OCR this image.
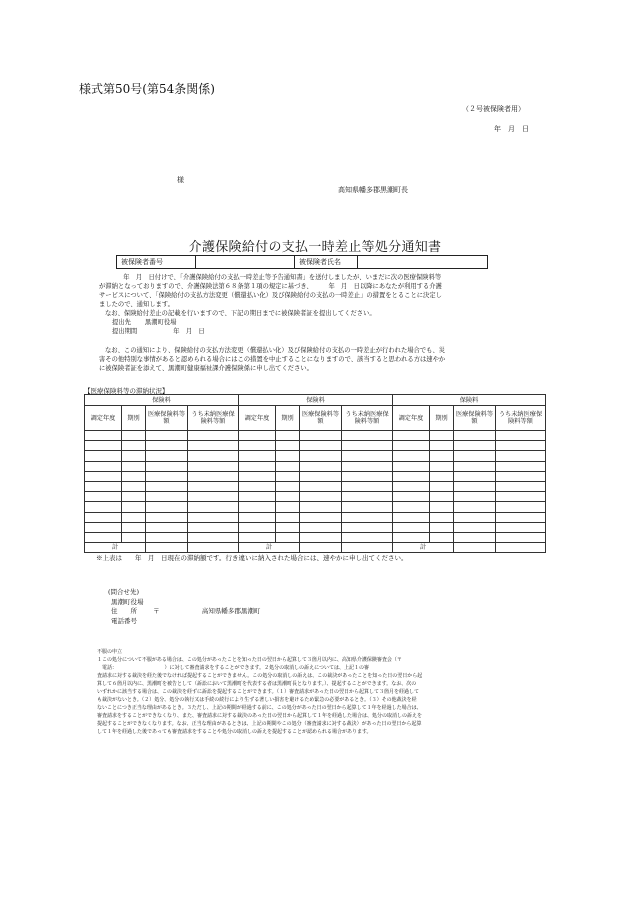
様式第50号(第54条関係)
（２号被保険者用）
年　月　日
様
高知県幡多郡黒潮町長
介護保険給付の支払一時差止等処分通知書
被保険者番号		被保険者氏名	
　年　月　日付けで、「介護保険給付の支払一時差止等予告通知書」を送付しましたが、いまだに次の医療保険料等
が滞納となっておりますので、介護保険法第６８条第１項の規定に基づき、　　　年　月　日以降にあなたが利用する介護
サービスについて、「保険給付の支払方法変更（償還払い化）及び保険給付の支払の一時差止」の措置をとることに決定し
ましたので、通知します。
なお、保険給付差止の記載を行いますので、下記の期日までに被保険者証を提出してください。
提出先 黒潮町役場
提出期間	年　月　日
なお、この通知により、保険給付の支払方法変更（償還払い化）及び保険給付の支払の一時差止が行われた場合でも、災
害その他特別な事情があると認められる場合にはこの措置を中止することになりますので、該当すると思われる方は速やか
に被保険者証を添えて、黒潮町健康福祉課介護保険係に申し出てください。
【医療保険料等の滞納状況】
保険料				保険料				保険料			
調定年度	期別	医療保険料等額	うち未納医療保険料等額	調定年度	期別	医療保険料等額	うち未納医療保険料等額	調定年度	期別	医療保険料等額	うち未納医療保険料等額

計				計				計			
※上表は　　年　月　日現在の滞納額です。行き違いに納入された場合には、速やかに申し出てください。
(問合せ先)
黒潮町役場
住　　所 〒	高知県幡多郡黒潮町
電話番号
不服の申立
１この処分について不服がある場合は、この処分があったことを知った日の翌日から起算して３箇月以内に、高知県介護保険審査会（〒
　電話：　　　　　　　　　　）に対して審査請求をすることができます。２処分の取消しの訴えについては、上記１の審
査請求に対する裁決を経た後でなければ提起することができません。この処分の取消しの訴えは、この裁決があったことを知った日の翌日から起
算して６箇月以内に、黒潮町を被告として（訴訟において黒潮町を代表する者は黒潮町長となります。）、提起することができます。なお、次の
いずれかに該当する場合は、この裁決を経ずに訴訟を提起することができます。（１）審査請求があった日の翌日から起算して３箇月を経過して
も裁決がないとき。（２）処分、処分の執行又は手続の続行により生ずる著しい損害を避けるため緊急の必要があるとき。（３）その他裁決を経
ないことにつき正当な理由があるとき。３ただし、上記の期間が経過する前に、この処分があった日の翌日から起算して１年を経過した場合は、
審査請求をすることができなくなり、また、審査請求に対する裁決のあった日の翌日から起算して１年を経過した場合は、処分の取消しの訴えを
提起することができなくなります。なお、正当な理由があるときは、上記の期間やこの処分（審査請求に対する裁決）があった日の翌日から起算
して１年を経過した後であっても審査請求をすることや処分の取消しの訴えを提起することが認められる場合があります。
